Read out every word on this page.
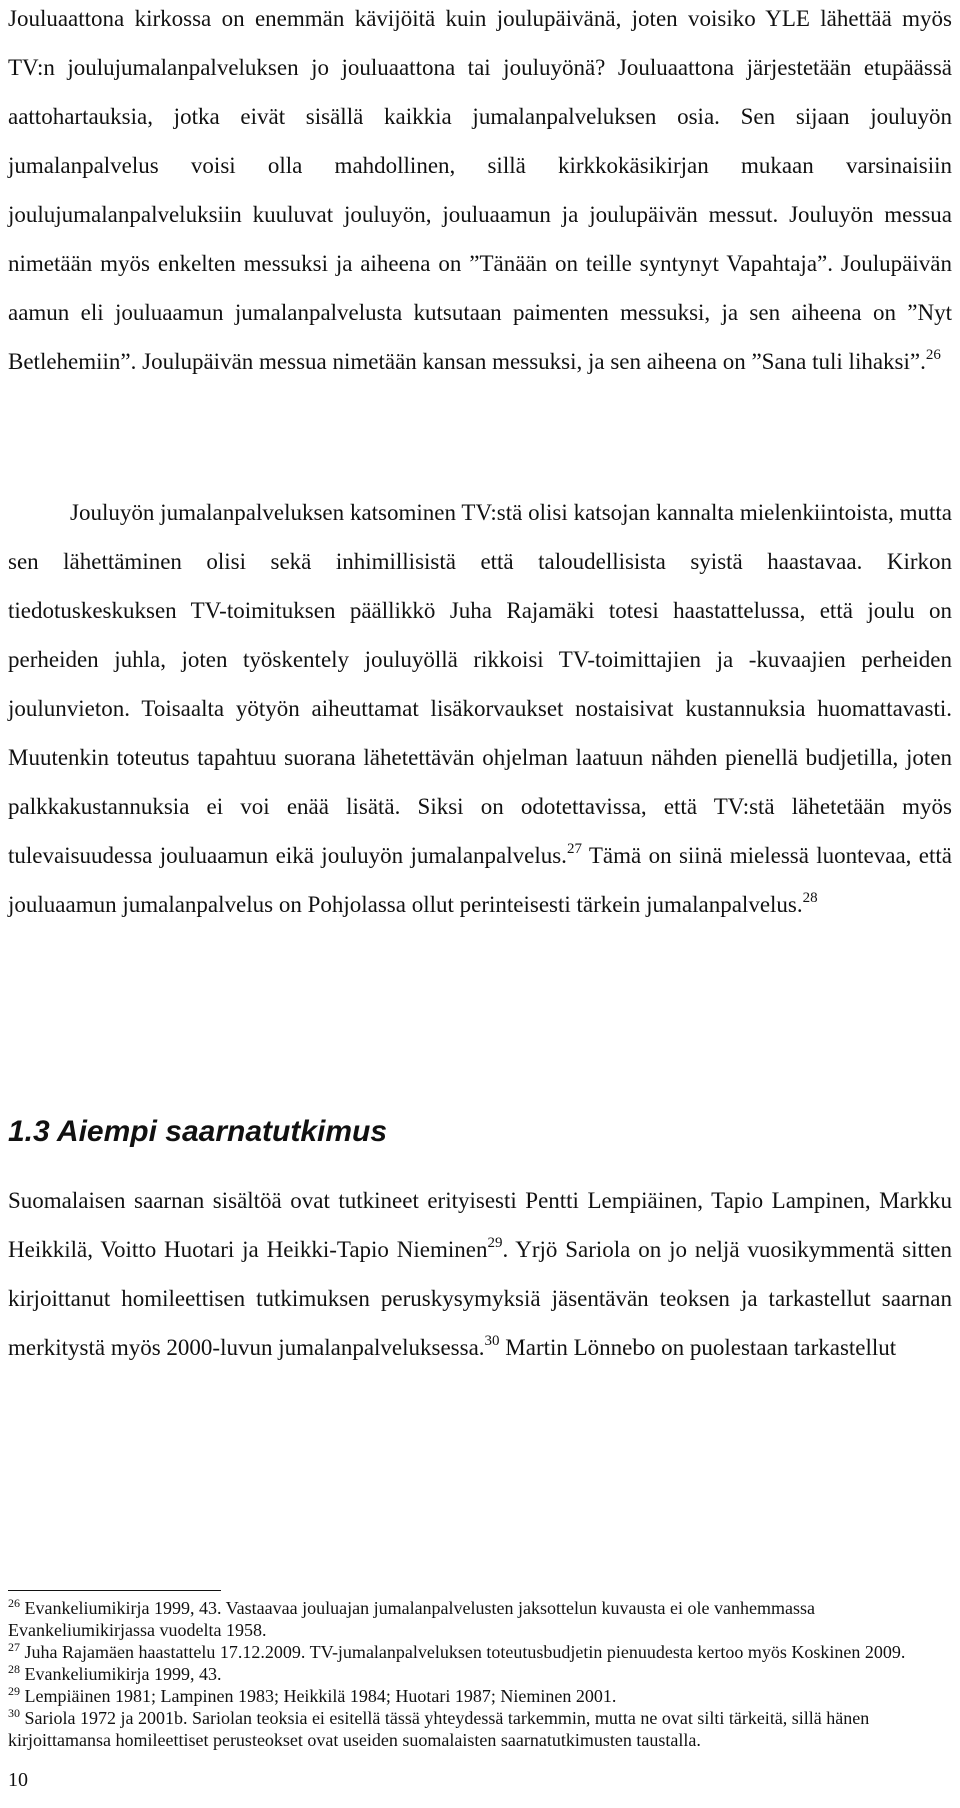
Jouluaattona kirkossa on enemmän kävijöitä kuin joulupäivänä, joten voisiko YLE lähettää myös TV:n joulujumalanpalveluksen jo jouluaattona tai jouluyönä? Jouluaattona järjestetään etupäässä aattohartauksia, jotka eivät sisällä kaikkia jumalanpalveluksen osia. Sen sijaan jouluyön jumalanpalvelus voisi olla mahdollinen, sillä kirkkokäsikirjan mukaan varsinaisiin joulujumalanpalveluksiin kuuluvat jouluyön, jouluaamun ja joulupäivän messut. Jouluyön messua nimetään myös enkelten messuksi ja aiheena on ”Tänään on teille syntynyt Vapahtaja”. Joulupäivän aamun eli jouluaamun jumalanpalvelusta kutsutaan paimenten messuksi, ja sen aiheena on ”Nyt Betlehemiin”. Joulupäivän messua nimetään kansan messuksi, ja sen aiheena on ”Sana tuli lihaksi”.$^{26}$

Jouluyön jumalanpalveluksen katsominen TV:stä olisi katsojan kannalta mielenkiintoista, mutta sen lähettäminen olisi sekä inhimillisistä että taloudellisista syistä haastavaa. Kirkon tiedotuskeskuksen TV-toimituksen päällikkö Juha Rajamäki totesi haastattelussa, että joulu on perheiden juhla, joten työskentely jouluyöllä rikkoisi TV-toimittajien ja -kuvaajien perheiden joulunvieton. Toisaalta yötyön aiheuttamat lisäkorvaukset nostaisivat kustannuksia huomattavasti. Muutenkin toteutus tapahtuu suorana lähetettävän ohjelman laatuun nähden pienellä budjetilla, joten palkkakustannuksia ei voi enää lisätä. Siksi on odotettavissa, että TV:stä lähetetään myös tulevaisuudessa jouluaamun eikä jouluyön jumalanpalvelus.$^{27}$ Tämä on siinä mielessä luontevaa, että jouluaamun jumalanpalvelus on Pohjolassa ollut perinteisesti tärkein jumalanpalvelus.$^{28}$

1.3 Aiempi saarnatutkimus

Suomalaisen saarnan sisältöä ovat tutkineet erityisesti Pentti Lempiäinen, Tapio Lampinen, Markku Heikkilä, Voitto Huotari ja Heikki-Tapio Nieminen$^{29}$. Yrjö Sariola on jo neljä vuosikymmentä sitten kirjoittanut homileettisen tutkimuksen peruskysymyksiä jäsentävän teoksen ja tarkastellut saarnan merkitystä myös 2000-luvun jumalanpalveluksessa.$^{30}$ Martin Lönnebo on puolestaan tarkastellut

$^{26}$ Evankeliumikirja 1999, 43. Vastaavaa jouluajan jumalanpalvelusten jaksottelun kuvausta ei ole vanhemmassa Evankeliumikirjassa vuodelta 1958.
$^{27}$ Juha Rajamäen haastattelu 17.12.2009. TV-jumalanpalveluksen toteutusbudjetin pienuudesta kertoo myös Koskinen 2009.
$^{28}$ Evankeliumikirja 1999, 43.
$^{29}$ Lempiäinen 1981; Lampinen 1983; Heikkilä 1984; Huotari 1987; Nieminen 2001.
$^{30}$ Sariola 1972 ja 2001b. Sariolan teoksia ei esitellä tässä yhteydessä tarkemmin, mutta ne ovat silti tärkeitä, sillä hänen kirjoittamansa homileettiset perusteokset ovat useiden suomalaisten saarnatutkimusten taustalla.
10
